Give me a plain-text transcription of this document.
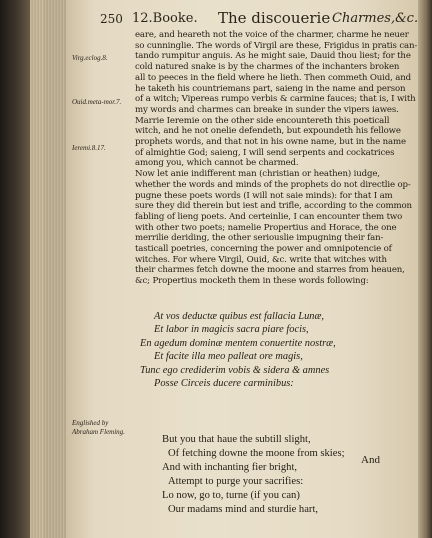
250 12.Booke. The discouerie Charmes,&c.
Virg.eclog.8.
Ouid.meta-mor.7.
Ieremi.8.17.
Englished by Abraham Fleming.
eare, and heareth not the voice of the charmer, charme he neuer
so cunninglie. The words of Virgil are these, Frigidus in pratis can-
tando rumpitur anguis. As he might saie, Dauid thou liest; for the
cold natured snake is by the charmes of the inchanters broken
all to peeces in the field where he lieth. Then commeth Ouid, and
he taketh his countriemans part, saieng in the name and person
of a witch; Vipereas rumpo verbis & carmine fauces; that is, I with
my words and charmes can breake in sunder the vipers iawes.
Marrie Ieremie on the other side encountereth this poeticall
witch, and he not onelie defendeth, but expoundeth his fellowe
prophets words, and that not in his owne name, but in the name
of almightie God; saieng, I will send serpents and cockatrices
among you, which cannot be charmed.
Now let anie indifferent man (christian or heathen) iudge,
whether the words and minds of the prophets do not directlie op-
pugne these poets words (I will not saie minds): for that I am
sure they did therein but iest and trifle, according to the common
fabling of lieng poets. And certeinlie, I can encounter them two
with other two poets; namelie Propertius and Horace, the one
merrilie deriding, the other seriouslie impugning their fan-
tasticall poetries, concerning the power and omnipotencie of
witches. For where Virgil, Ouid, &c. write that witches with
their charmes fetch downe the moone and starres from heauen,
&c; Propertius mocketh them in these words following:
At vos deductæ quibus est fallacia Lunæ,
Et labor in magicis sacra piare focis,
En agedum dominæ mentem conuertite nostræ,
Et facite illa meo palleat ore magis,
Tunc ego crediderim vobis & sidera & amnes
Posse Circeis ducere carminibus:
But you that haue the subtill slight,
Of fetching downe the moone from skies;
And with inchanting fier bright,
Attempt to purge your sacrifies:
Lo now, go to, turne (if you can)
Our madams mind and sturdie hart,
And
